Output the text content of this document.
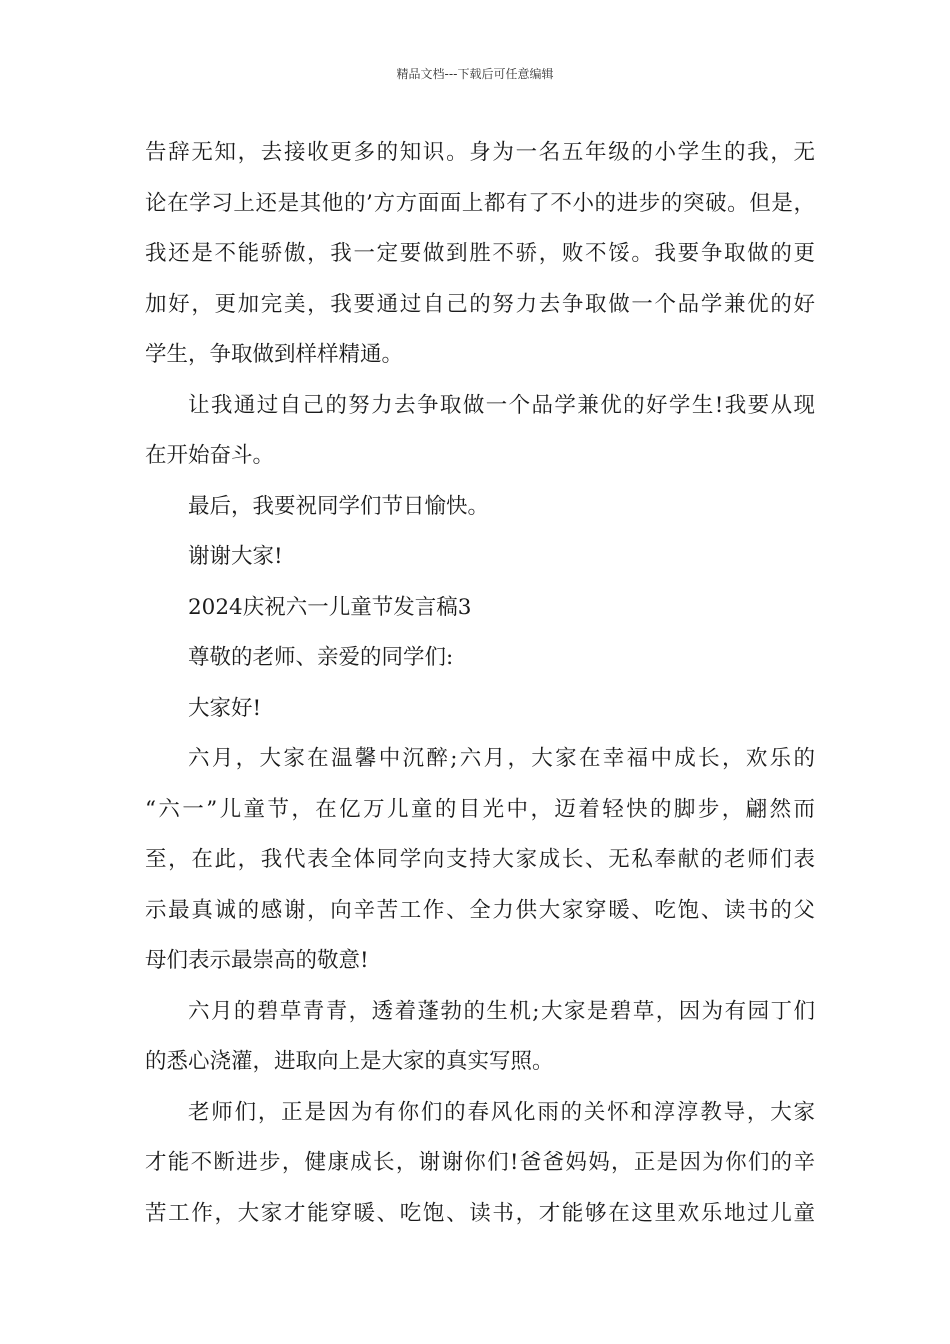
精品文档---下载后可任意编辑
告辞无知，去接收更多的知识。身为一名五年级的小学生的我，无
论在学习上还是其他的’方方面面上都有了不小的进步的突破。但是，
我还是不能骄傲，我一定要做到胜不骄，败不馁。我要争取做的更
加好，更加完美，我要通过自己的努力去争取做一个品学兼优的好
学生，争取做到样样精通。
让我通过自己的努力去争取做一个品学兼优的好学生!我要从现
在开始奋斗。
最后，我要祝同学们节日愉快。
谢谢大家!
2024庆祝六一儿童节发言稿3
尊敬的老师、亲爱的同学们:
大家好!
六月，大家在温馨中沉醉;六月，大家在幸福中成长，欢乐的
“六一”儿童节，在亿万儿童的目光中，迈着轻快的脚步，翩然而
至，在此，我代表全体同学向支持大家成长、无私奉献的老师们表
示最真诚的感谢，向辛苦工作、全力供大家穿暖、吃饱、读书的父
母们表示最崇高的敬意!
六月的碧草青青，透着蓬勃的生机;大家是碧草，因为有园丁们
的悉心浇灌，进取向上是大家的真实写照。
老师们，正是因为有你们的春风化雨的关怀和淳淳教导，大家
才能不断进步，健康成长，谢谢你们!爸爸妈妈，正是因为你们的辛
苦工作，大家才能穿暖、吃饱、读书，才能够在这里欢乐地过儿童
